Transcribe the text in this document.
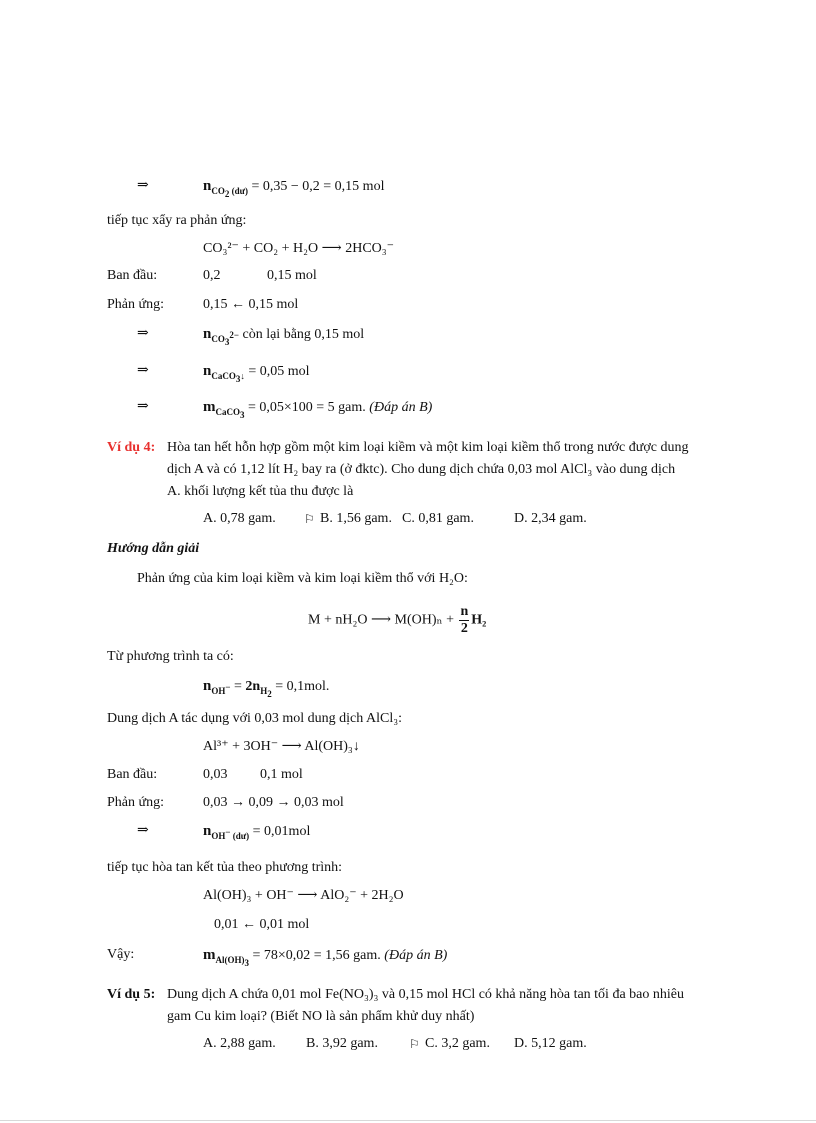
⇒	$n_{CO_2 (dư)} = 0,35 - 0,2 = 0,15$ mol
tiếp tục xẩy ra phản ứng:
CO₃²⁻ + CO₂ + H₂O ⟶ 2HCO₃⁻
Ban đầu:	0,2	0,15 mol
Phản ứng:	0,15 ← 0,15 mol
⇒	$n_{CO_3^{2-}}$ còn lại bằng 0,15 mol
⇒	$n_{CaCO_3↓} = 0,05$ mol
⇒	$m_{CaCO_3} = 0,05\times 100 = 5$ gam. (Đáp án B)
Ví dụ 4: Hòa tan hết hỗn hợp gồm một kim loại kiềm và một kim loại kiềm thổ trong nước được dung
dịch A và có 1,12 lít H₂ bay ra (ở đktc). Cho dung dịch chứa 0,03 mol AlCl₃ vào dung dịch
A. khối lượng kết tủa thu được là
A. 0,78 gam. ⚐ B. 1,56 gam. C. 0,81 gam.	D. 2,34 gam.
Hướng dẫn giải
Phản ứng của kim loại kiềm và kim loại kiềm thổ với H₂O:
M + nH₂O ⟶ $M(OH)_n + \frac{n}{2} H_2$
Từ phương trình ta có:
$n_{OH^-} = 2n_{H_2} = 0,1mol$.
Dung dịch A tác dụng với 0,03 mol dung dịch AlCl₃:
Al³⁺ + 3OH⁻ ⟶ Al(OH)₃↓
Ban đầu:	0,03 0,1 mol
Phản ứng:	0,03 → 0,09 → 0,03 mol
⇒	$n_{OH^- (dư)} = 0,01mol$
tiếp tục hòa tan kết tủa theo phương trình:
Al(OH)₃ + OH⁻ ⟶ AlO₂⁻ + 2H₂O
0,01 ← 0,01 mol
Vậy:	$m_{Al(OH)_3} = 78\times 0,02 = 1,56$ gam. (Đáp án B)
Ví dụ 5: Dung dịch A chứa 0,01 mol Fe(NO₃)₃ và 0,15 mol HCl có khả năng hòa tan tối đa bao nhiêu
gam Cu kim loại? (Biết NO là sản phẩm khử duy nhất)
A. 2,88 gam. B. 3,92 gam.	⚐ C. 3,2 gam. D. 5,12 gam.
